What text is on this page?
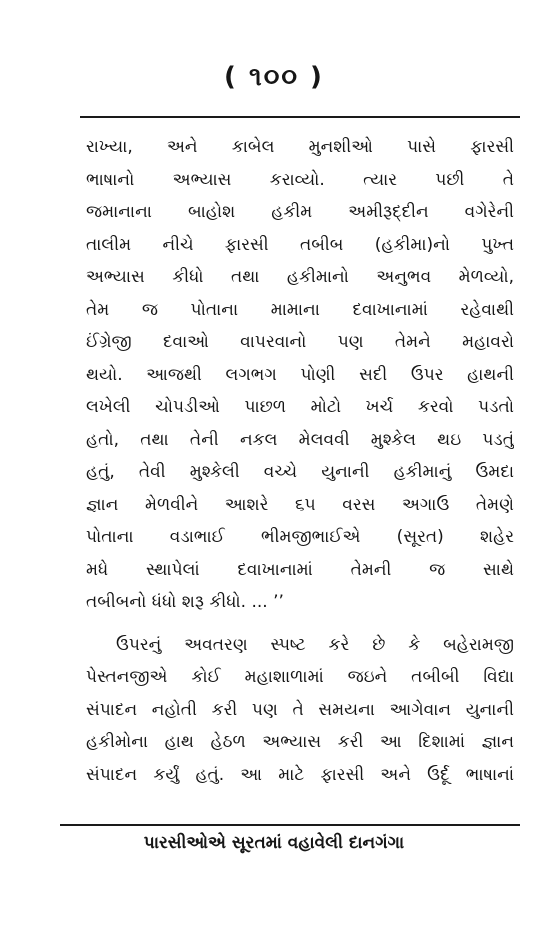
( ૧૦૦ )
રાખ્યા, અને કાબેલ મુનશીઓ પાસે ફારસી
ભાષાનો અભ્યાસ કરાવ્યો. ત્યાર પછી તે
જમાનાના બાહોશ હકીમ અમીરૂદ્દીન વગેરેની
તાલીમ નીચે ફારસી તબીબ (હકીમા)નો પુખ્ત
અભ્યાસ કીધો તથા હકીમાનો અનુભવ મેળવ્યો,
તેમ જ પોતાના મામાના દવાખાનામાં રહેવાથી
ઈંગ્રેજી દવાઓ વાપરવાનો પણ તેમને મહાવરો
થયો. આજથી લગભગ પોણી સદી ઉપર હાથની
લખેલી ચોપડીઓ પાછળ મોટો ખર્ચ કરવો પડતો
હતો, તથા તેની નકલ મેલવવી મુશ્કેલ થઇ પડતું
હતું, તેવી મુશ્કેલી વચ્ચે યુનાની હકીમાનું ઉમદા
જ્ઞાન મેળવીને આશરે ૬૫ વરસ અગાઉ તેમણે
પોતાના વડાભાઈ ભીમજીભાઈએ (સૂરત) શહેર
મધે સ્થાપેલાં દવાખાનામાં તેમની જ સાથે
તબીબનો ધંધો શરૂ કીધો. ... ’’
ઉપરનું અવતરણ સ્પષ્ટ કરે છે કે બહેરામજી
પેસ્તનજીએ કોઈ મહાશાળામાં જઇને તબીબી વિદ્યા
સંપાદન નહોતી કરી પણ તે સમયના આગેવાન યુનાની
હકીમોના હાથ હેઠળ અભ્યાસ કરી આ દિશામાં જ્ઞાન
સંપાદન કર્યું હતું. આ માટે ફારસી અને ઉર્દૂ ભાષાનાં
પારસીઓએ સૂરતમાં વહાવેલી દાનગંગા
